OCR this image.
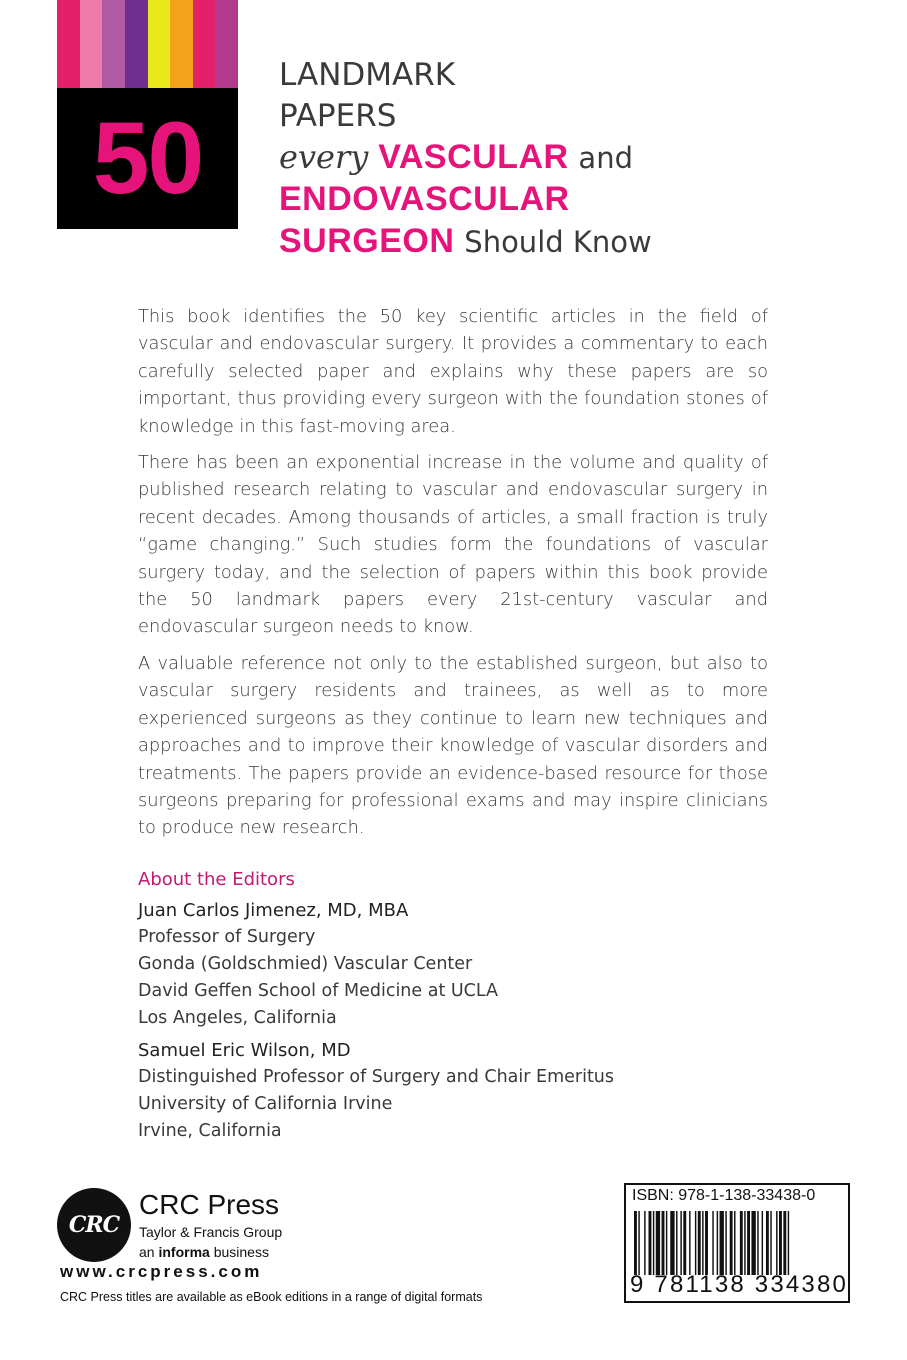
50
LANDMARK
PAPERS
every VASCULAR and
ENDOVASCULAR
SURGEON Should Know

This book identifies the 50 key scientific articles in the field of vascular and endovascular surgery. It provides a commentary to each carefully selected paper and explains why these papers are so important, thus providing every surgeon with the foundation stones of knowledge in this fast-moving area.

There has been an exponential increase in the volume and quality of published research relating to vascular and endovascular surgery in recent decades. Among thousands of articles, a small fraction is truly “game changing.” Such studies form the foundations of vascular surgery today, and the selection of papers within this book provide the 50 landmark papers every 21st-century vascular and endovascular surgeon needs to know.

A valuable reference not only to the established surgeon, but also to vascular surgery residents and trainees, as well as to more experienced surgeons as they continue to learn new techniques and approaches and to improve their knowledge of vascular disorders and treatments. The papers provide an evidence-based resource for those surgeons preparing for professional exams and may inspire clinicians to produce new research.

About the Editors
Juan Carlos Jimenez, MD, MBA
Professor of Surgery
Gonda (Goldschmied) Vascular Center
David Geffen School of Medicine at UCLA
Los Angeles, California
Samuel Eric Wilson, MD
Distinguished Professor of Surgery and Chair Emeritus
University of California Irvine
Irvine, California
CRC
CRC Press
Taylor & Francis Group
an informa business
www.crcpress.com
CRC Press titles are available as eBook editions in a range of digital formats
ISBN: 978-1-138-33438-0
9 781138 334380
